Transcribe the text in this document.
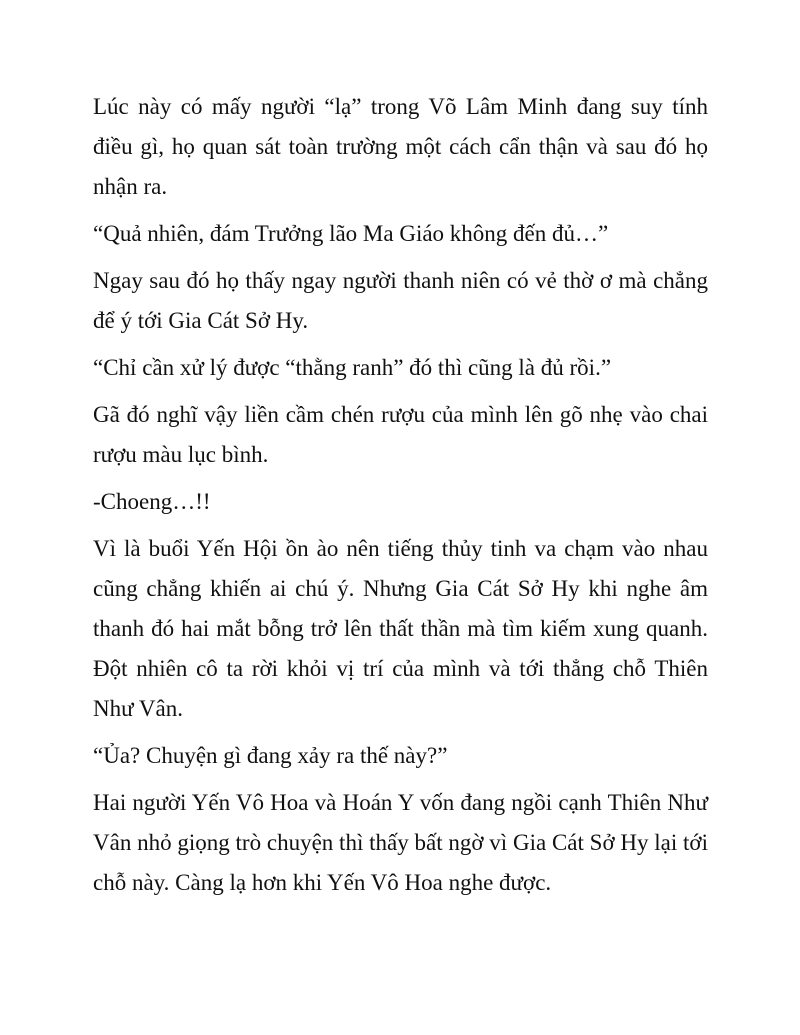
Lúc này có mấy người “lạ” trong Võ Lâm Minh đang suy tính điều gì, họ quan sát toàn trường một cách cẩn thận và sau đó họ nhận ra.

“Quả nhiên, đám Trưởng lão Ma Giáo không đến đủ…”

Ngay sau đó họ thấy ngay người thanh niên có vẻ thờ ơ mà chẳng để ý tới Gia Cát Sở Hy.

“Chỉ cần xử lý được “thằng ranh” đó thì cũng là đủ rồi.”

Gã đó nghĩ vậy liền cầm chén rượu của mình lên gõ nhẹ vào chai rượu màu lục bình.

-Choeng…!!

Vì là buổi Yến Hội ồn ào nên tiếng thủy tinh va chạm vào nhau cũng chẳng khiến ai chú ý. Nhưng Gia Cát Sở Hy khi nghe âm thanh đó hai mắt bỗng trở lên thất thần mà tìm kiếm xung quanh. Đột nhiên cô ta rời khỏi vị trí của mình và tới thẳng chỗ Thiên Như Vân.

“Ủa? Chuyện gì đang xảy ra thế này?”

Hai người Yến Vô Hoa và Hoán Y vốn đang ngồi cạnh Thiên Như Vân nhỏ giọng trò chuyện thì thấy bất ngờ vì Gia Cát Sở Hy lại tới chỗ này. Càng lạ hơn khi Yến Vô Hoa nghe được.
